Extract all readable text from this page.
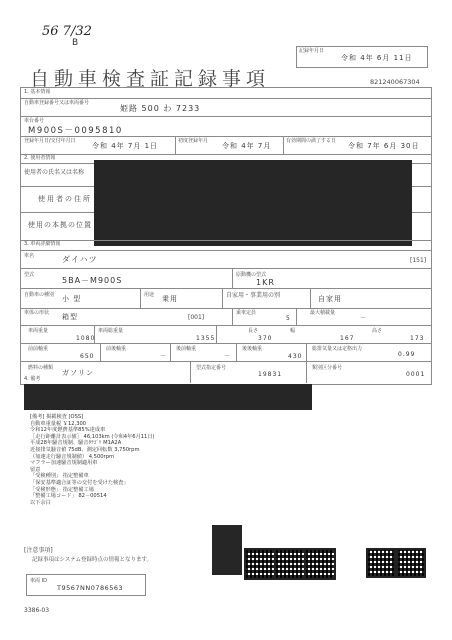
56 7/32
B
記録年月日
令和 4年 6月 11日
自動車検査証記録事項	821240067304
1. 基本情報
自動車登録番号又は車両番号
姫路 500 わ 7233
車台番号
M900S－0095810
登録年月日/交付年月日
令和 4年 7月 1日
初度登録年月
令和 4年 7月
有効期間の満了する日
令和 7年 6月 30日
2. 使用者情報
使用者の氏名又は名称
使用者の住所
使用の本拠の位置
3. 車両詳細情報
車名	ダイハツ	[151]
型式
5BA－M900S
原動機の型式
1KR
自動車の種別 小 型	用途 乗用	自家用・事業用の別	自家用
車体の形状 箱型	[001]
乗車定員
5
最大積載量
－
車両重量
1080
車両総重量
1355
長さ
370
幅
167
高さ
173
前前軸重
650
前後軸重
－
後前軸重
－
後後軸重
430
総排気量又は定格出力
0.99
燃料の種類
ガソリン
型式指定番号
19831
類別区分番号
0001
4. 備考
[備考] 掲載検査 [OSS]
自動車重量税 ￥12,300
令和12年度燃費基準85%達成車
［走行距離計表示値］ 46,103km (令和4年6月11日)
平成28年騒音規制、騒音ﾀﾃｺﾞﾘ M1A2A
近接排気騒音値 75dB、測定回転数 3,750rpm
（加速走行騒音規制値） 4,500rpm
マフラー加速騒音規制適用車
留意
「受検種別」 指定整備車
「保安基準適合証等の交付を受けた検査」
「受検形態」 指定整備工場
「整備工場コード」 82－00514
以下余白
[注意事項]
記録事項はシステム登録時点の情報となります。
車両 ID
T9567NN0786563
3386-03
